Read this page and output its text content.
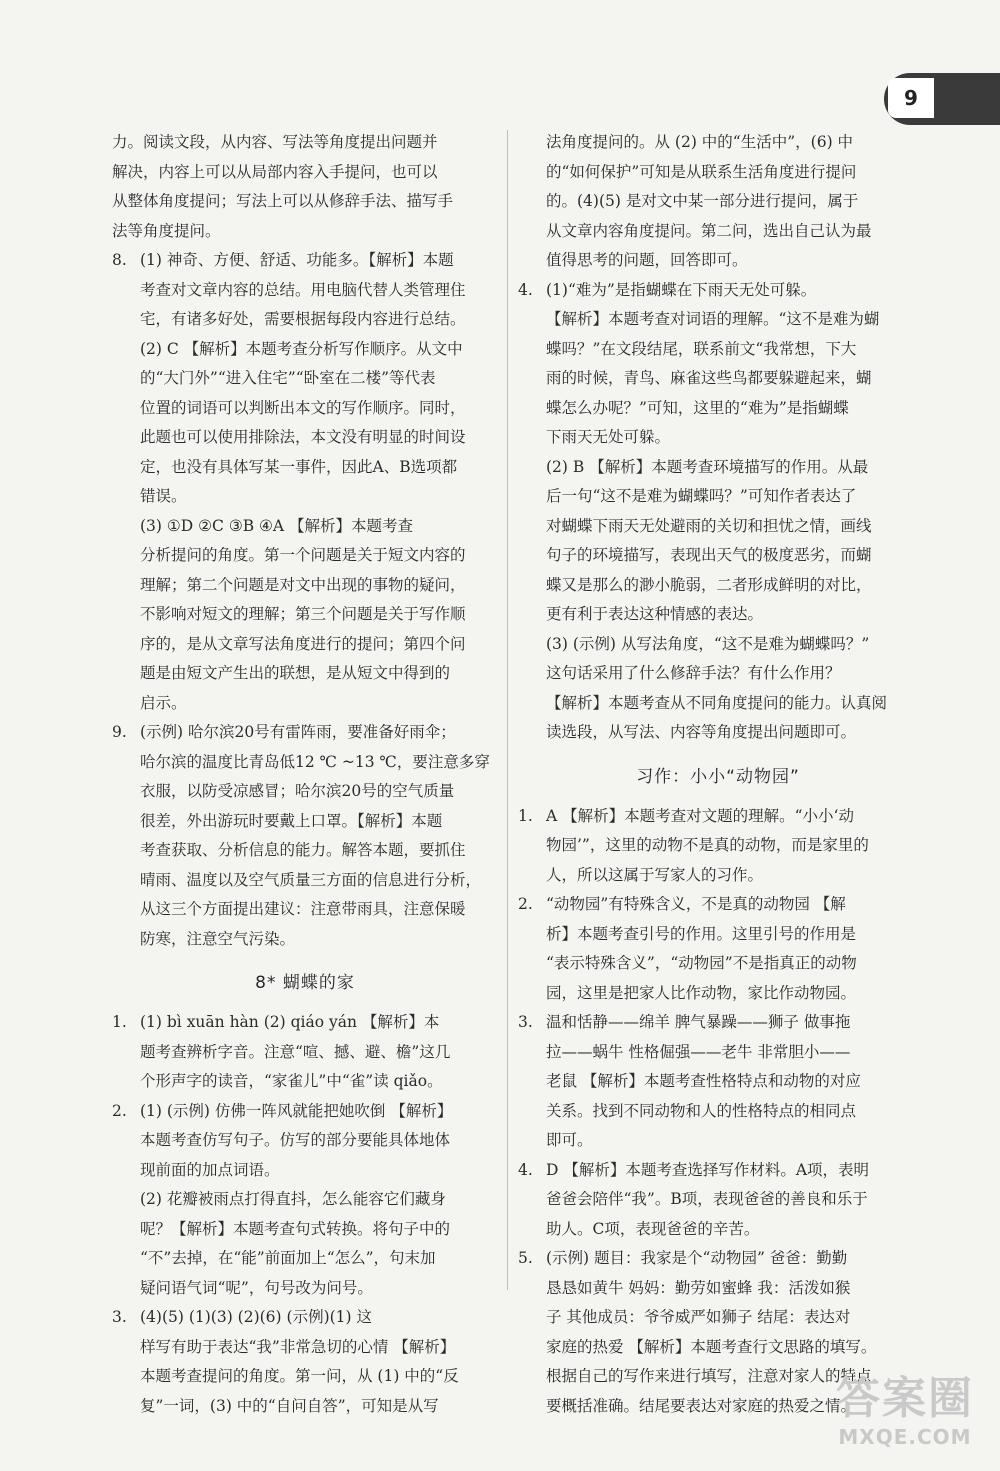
9
力。阅读文段，从内容、写法等角度提出问题并
解决，内容上可以从局部内容入手提问，也可以
从整体角度提问；写法上可以从修辞手法、描写手
法等角度提问。
8. (1) 神奇、方便、舒适、功能多。【解析】本题
考查对文章内容的总结。用电脑代替人类管理住
宅，有诸多好处，需要根据每段内容进行总结。
(2) C 【解析】本题考查分析写作顺序。从文中
的“大门外”“进入住宅”“卧室在二楼”等代表
位置的词语可以判断出本文的写作顺序。同时，
此题也可以使用排除法，本文没有明显的时间设
定，也没有具体写某一事件，因此A、B选项都
错误。
(3) ①D ②C ③B ④A 【解析】本题考查
分析提问的角度。第一个问题是关于短文内容的
理解；第二个问题是对文中出现的事物的疑问，
不影响对短文的理解；第三个问题是关于写作顺
序的，是从文章写法角度进行的提问；第四个问
题是由短文产生出的联想，是从短文中得到的
启示。
9. (示例) 哈尔滨20号有雷阵雨，要准备好雨伞；
哈尔滨的温度比青岛低12 ℃ ~13 ℃，要注意多穿
衣服，以防受凉感冒；哈尔滨20号的空气质量
很差，外出游玩时要戴上口罩。【解析】本题
考查获取、分析信息的能力。解答本题，要抓住
晴雨、温度以及空气质量三方面的信息进行分析，
从这三个方面提出建议：注意带雨具，注意保暖
防寒，注意空气污染。
8* 蝴蝶的家
1. (1) bì xuān hàn (2) qiáo yán 【解析】本
题考查辨析字音。注意“喧、撼、避、檐”这几
个形声字的读音，“家雀儿”中“雀”读 qiǎo。
2. (1) (示例) 仿佛一阵风就能把她吹倒 【解析】
本题考查仿写句子。仿写的部分要能具体地体
现前面的加点词语。
(2) 花瓣被雨点打得直抖，怎么能容它们藏身
呢？【解析】本题考查句式转换。将句子中的
“不”去掉，在“能”前面加上“怎么”，句末加
疑问语气词“呢”，句号改为问号。
3. (4)(5) (1)(3) (2)(6) (示例)(1) 这
样写有助于表达“我”非常急切的心情 【解析】
本题考查提问的角度。第一问，从 (1) 中的“反
复”一词，(3) 中的“自问自答”，可知是从写
法角度提问的。从 (2) 中的“生活中”，(6) 中
的“如何保护”可知是从联系生活角度进行提问
的。(4)(5) 是对文中某一部分进行提问，属于
从文章内容角度提问。第二问，选出自己认为最
值得思考的问题，回答即可。
4. (1)“难为”是指蝴蝶在下雨天无处可躲。
【解析】本题考查对词语的理解。“这不是难为蝴
蝶吗？”在文段结尾，联系前文“我常想，下大
雨的时候，青鸟、麻雀这些鸟都要躲避起来，蝴
蝶怎么办呢？”可知，这里的“难为”是指蝴蝶
下雨天无处可躲。
(2) B 【解析】本题考查环境描写的作用。从最
后一句“这不是难为蝴蝶吗？”可知作者表达了
对蝴蝶下雨天无处避雨的关切和担忧之情，画线
句子的环境描写，表现出天气的极度恶劣，而蝴
蝶又是那么的渺小脆弱，二者形成鲜明的对比，
更有利于表达这种情感的表达。
(3) (示例) 从写法角度，“这不是难为蝴蝶吗？”
这句话采用了什么修辞手法？有什么作用？
【解析】本题考查从不同角度提问的能力。认真阅
读选段，从写法、内容等角度提出问题即可。
习作：小小“动物园”
1. A 【解析】本题考查对文题的理解。“小小‘动
物园’”，这里的动物不是真的动物，而是家里的
人，所以这属于写家人的习作。
2. “动物园”有特殊含义，不是真的动物园 【解
析】本题考查引号的作用。这里引号的作用是
“表示特殊含义”，“动物园”不是指真正的动物
园，这里是把家人比作动物，家比作动物园。
3. 温和恬静——绵羊 脾气暴躁——狮子 做事拖
拉——蜗牛 性格倔强——老牛 非常胆小——
老鼠 【解析】本题考查性格特点和动物的对应
关系。找到不同动物和人的性格特点的相同点
即可。
4. D 【解析】本题考查选择写作材料。A项，表明
爸爸会陪伴“我”。B项，表现爸爸的善良和乐于
助人。C项，表现爸爸的辛苦。
5. (示例) 题目：我家是个“动物园” 爸爸：勤勤
恳恳如黄牛 妈妈：勤劳如蜜蜂 我：活泼如猴
子 其他成员：爷爷威严如狮子 结尾：表达对
家庭的热爱 【解析】本题考查行文思路的填写。
根据自己的写作来进行填写，注意对家人的特点
要概括准确。结尾要表达对家庭的热爱之情。
答案圈
MXQE.COM
